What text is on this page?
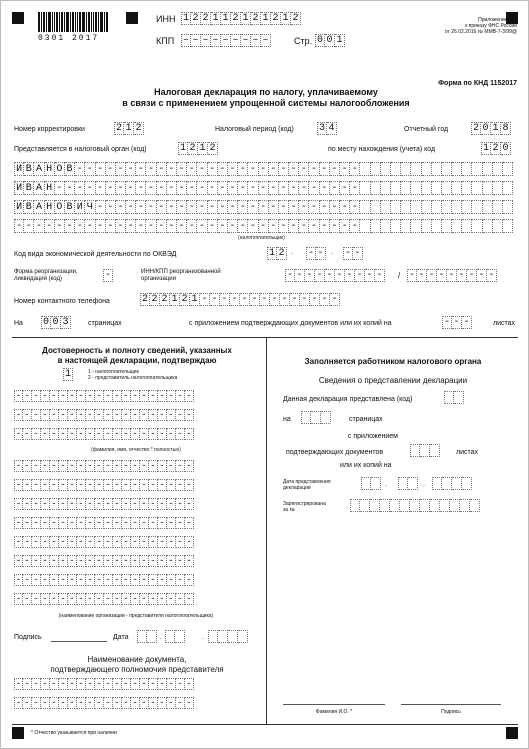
0301 2017
ИНН 1 2 2 1 1 2 1 2 1 2 1 2
КПП – – – – – – – – –	Стр. 0 0 1
Приложение №1
к приказу ФНС России
от 26.02.2016 № ММВ-7-3/99@
Форма по КНД 1152017
Налоговая декларация по налогу, уплачиваемому
в связи с применением упрощенной системы налогообложения
Номер корректировки	2 1 2	Налоговый период (код)	3 4	Отчетный год 2 0 1 8
Представляется в налоговый орган (код)	1 2 1 2	по месту нахождения (учета) код	1 2 0
И В А Н О В - - - - - - - - - - - - - - - - - - - - - - - - - - - -
И В А Н - - - - - - - - - - - - - - - - - - - - - - - - - - - - - -
И В А Н О В И Ч - - - - - - - - - - - - - - - - - - - - - - - - - -
- - - - - - - - - - - - - - - - - - - - - - - - - - - - - - - - - -
(налогоплательщик)
Код вида экономической деятельности по ОКВЭД	1 2 . - -	. - -
Форма реорганизации,
ликвидация (код)	-	ИНН/КПП реорганизованной
организации	- - - - - - - - - -	/ - - - - - - - - -
Номер контактного телефона	2 2 2 1 2 1 - - - - - - - - - - - - - -
На 0 0 3	страницах	с приложением подтверждающих документов или их копий на	- - -	листах
Достоверность и полноту сведений, указанных
в настоящей декларации, подтверждаю
1	1 - налогоплательщик
2 - представитель налогоплательщика
- - - - - - - - - - - - - - - - - - - -
- - - - - - - - - - - - - - - - - - - -
- - - - - - - - - - - - - - - - - - - -
(фамилия, имя, отчество * полностью)
- - - - - - - - - - - - - - - - - - - -
- - - - - - - - - - - - - - - - - - - -
- - - - - - - - - - - - - - - - - - - -
- - - - - - - - - - - - - - - - - - - -
- - - - - - - - - - - - - - - - - - - -
- - - - - - - - - - - - - - - - - - - -
- - - - - - - - - - - - - - - - - - - -
- - - - - - - - - - - - - - - - - - - -
(наименование организации - представителя налогоплательщика)
Подпись	Дата	.	.
Наименование документа,
подтверждающего полномочия представителя
- - - - - - - - - - - - - - - - - - - -
- - - - - - - - - - - - - - - - - - - -
Заполняется работником налогового органа
Сведения о представлении декларации
Данная декларация представлена (код)
на	страницах
с приложением
подтверждающих документов	листах
или их копий на
Дата представления
декларации	.	.
Зарегистрирована
за №
Фамилия И.О. *	Подпись
* Отчество указывается при наличии
